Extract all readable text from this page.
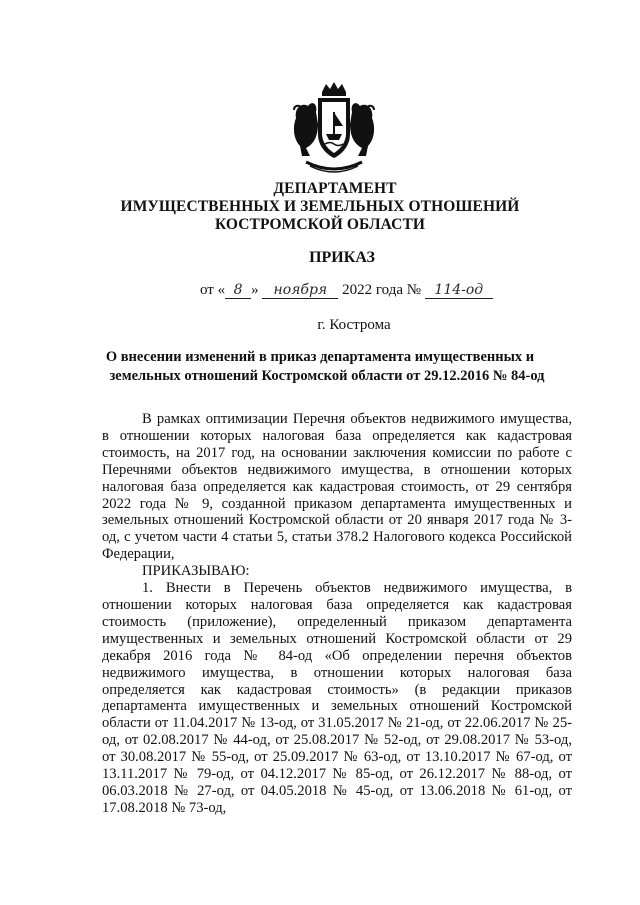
ДЕПАРТАМЕНТ
ИМУЩЕСТВЕННЫХ И ЗЕМЕЛЬНЫХ ОТНОШЕНИЙ
КОСТРОМСКОЙ ОБЛАСТИ
ПРИКАЗ
от « 8 » ноября 2022 года № 114-од
г. Кострома
О внесении изменений в приказ департамента имущественных и
земельных отношений Костромской области от 29.12.2016 № 84-од

В рамках оптимизации Перечня объектов недвижимого имущества, в отношении которых налоговая база определяется как кадастровая стоимость, на 2017 год, на основании заключения комиссии по работе с Перечнями объектов недвижимого имущества, в отношении которых налоговая база определяется как кадастровая стоимость, от 29 сентября 2022 года № 9, созданной приказом департамента имущественных и земельных отношений Костромской области от 20 января 2017 года № 3-од, с учетом части 4 статьи 5, статьи 378.2 Налогового кодекса Российской Федерации,

ПРИКАЗЫВАЮ:

1. Внести в Перечень объектов недвижимого имущества, в отношении которых налоговая база определяется как кадастровая стоимость (приложение), определенный приказом департамента имущественных и земельных отношений Костромской области от 29 декабря 2016 года № 84-од «Об определении перечня объектов недвижимого имущества, в отношении которых налоговая база определяется как кадастровая стоимость» (в редакции приказов департамента имущественных и земельных отношений Костромской области от 11.04.2017 № 13-од, от 31.05.2017 № 21-од, от 22.06.2017 № 25-од, от 02.08.2017 № 44-од, от 25.08.2017 № 52-од, от 29.08.2017 № 53-од, от 30.08.2017 № 55-од, от 25.09.2017 № 63-од, от 13.10.2017 № 67-од, от 13.11.2017 № 79-од, от 04.12.2017 № 85-од, от 26.12.2017 № 88-од, от 06.03.2018 № 27-од, от 04.05.2018 № 45-од, от 13.06.2018 № 61-од, от 17.08.2018 № 73-од,
